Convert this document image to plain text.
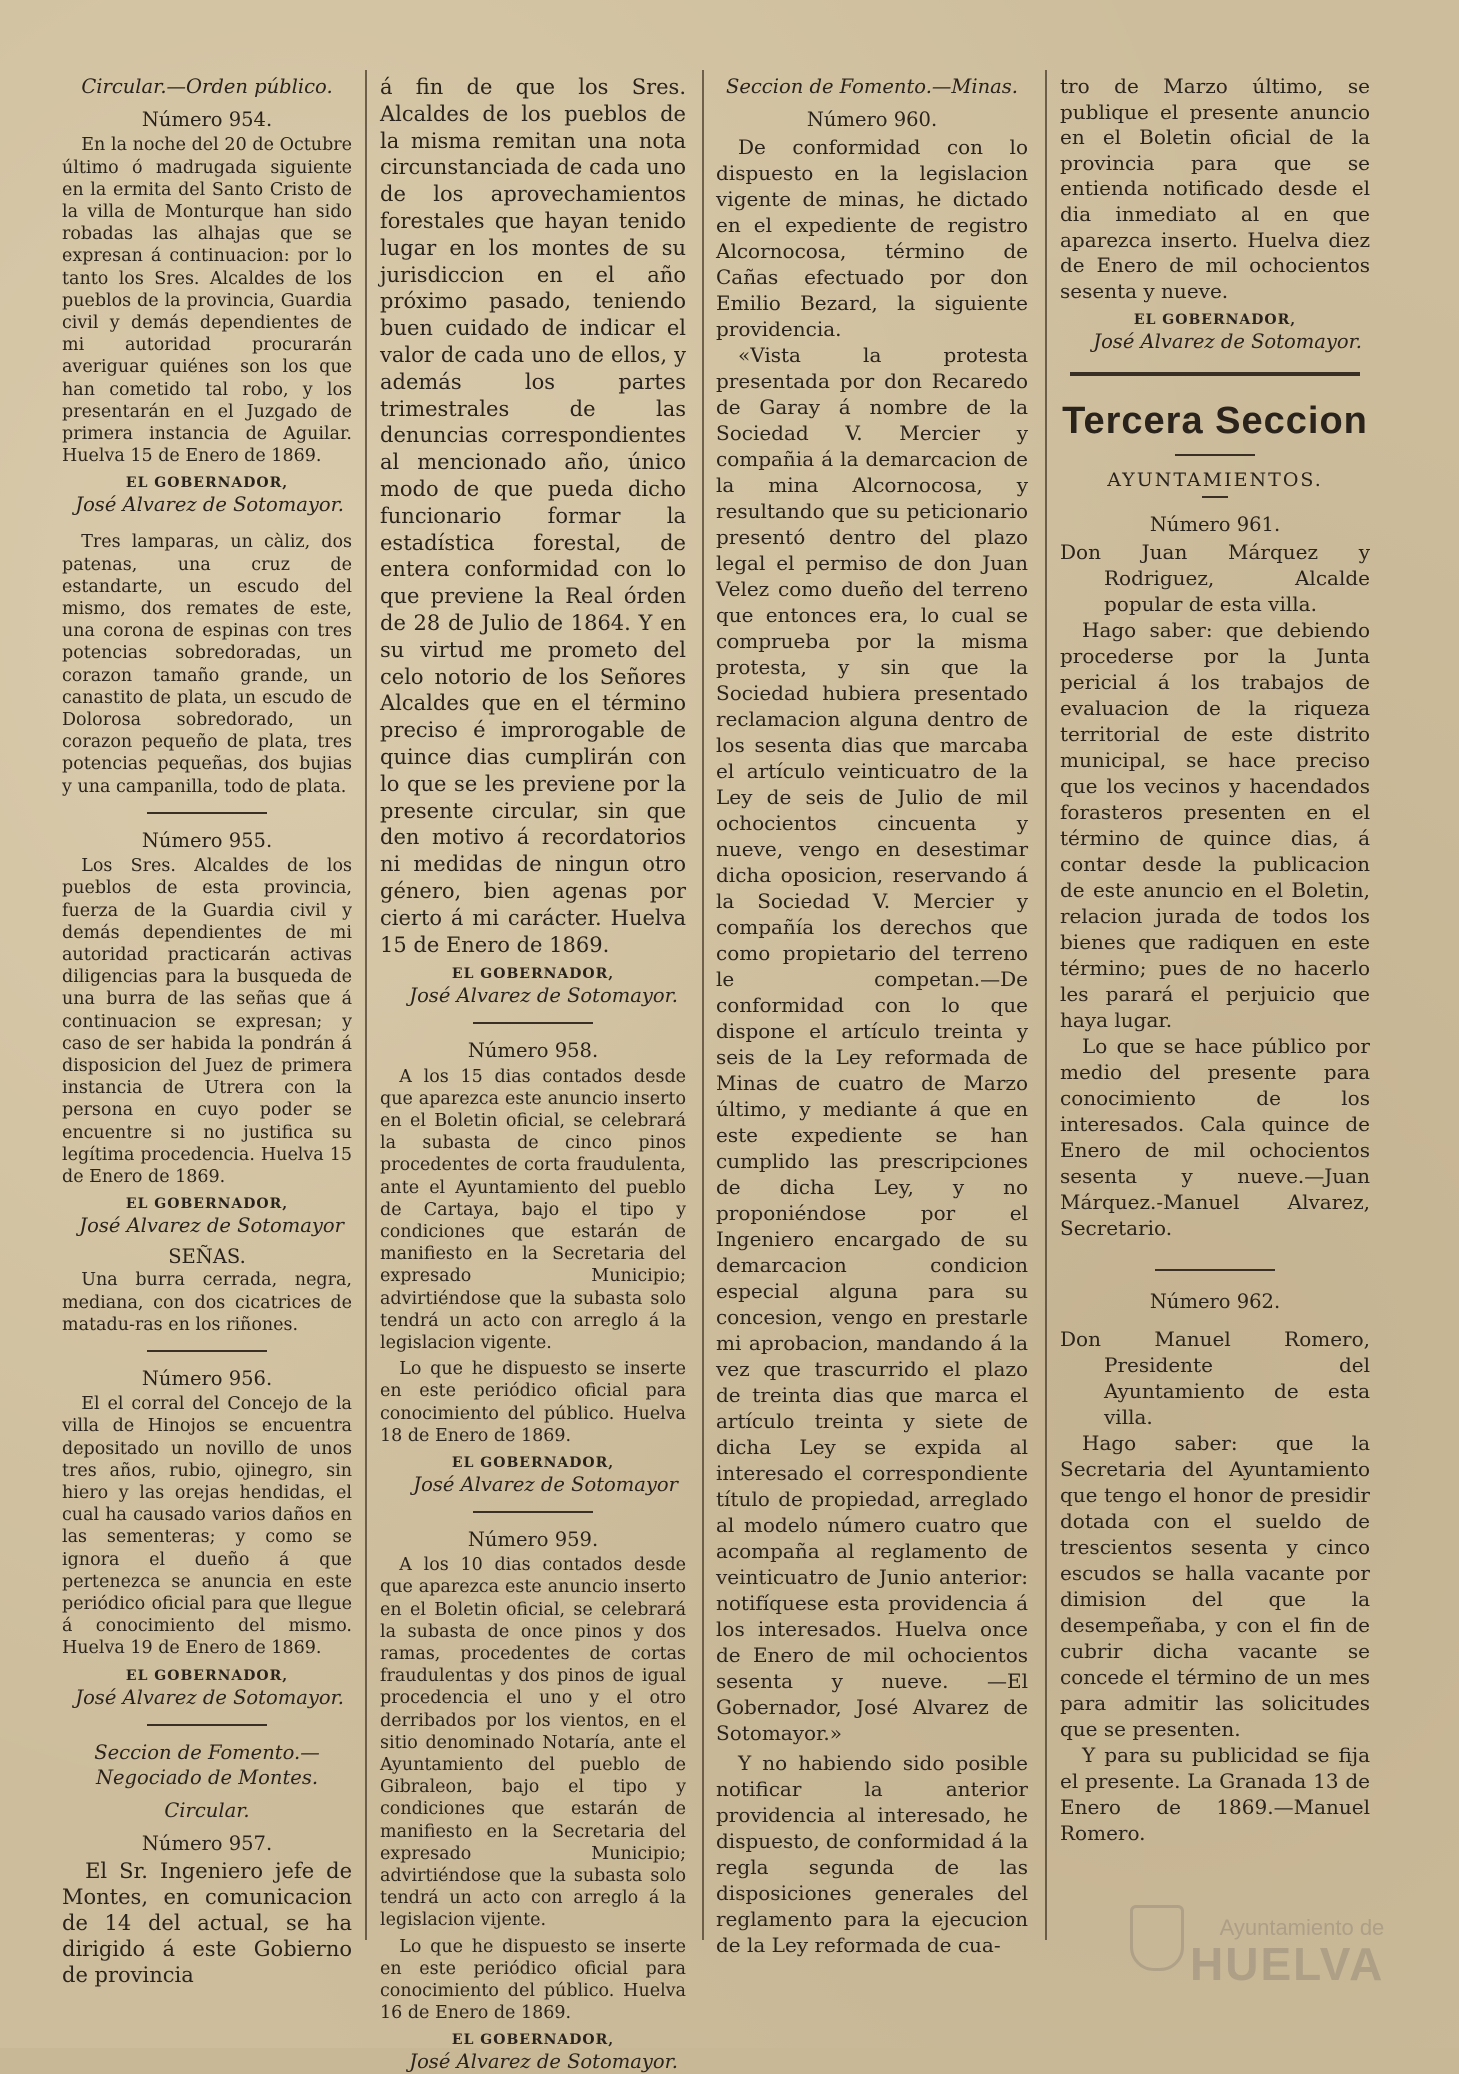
Circular.—Orden público.

Número 954.

En la noche del 20 de Octubre último ó madrugada siguiente en la ermita del Santo Cristo de la villa de Monturque han sido robadas las alhajas que se expresan á continuacion: por lo tanto los Sres. Alcaldes de los pueblos de la provincia, Guardia civil y demás dependientes de mi autoridad procurarán averiguar quiénes son los que han cometido tal robo, y los presentarán en el Juzgado de primera instancia de Aguilar. Huelva 15 de Enero de 1869.

EL GOBERNADOR,

José Alvarez de Sotomayor.

Tres lamparas, un càliz, dos patenas, una cruz de estandarte, un escudo del mismo, dos remates de este, una corona de espinas con tres potencias sobredoradas, un corazon tamaño grande, un canastito de plata, un escudo de Dolorosa sobredorado, un corazon pequeño de plata, tres potencias pequeñas, dos bujias y una campanilla, todo de plata.

Número 955.

Los Sres. Alcaldes de los pueblos de esta provincia, fuerza de la Guardia civil y demás dependientes de mi autoridad practicarán activas diligencias para la busqueda de una burra de las señas que á continuacion se expresan; y caso de ser habida la pondrán á disposicion del Juez de primera instancia de Utrera con la persona en cuyo poder se encuentre si no justifica su legítima procedencia. Huelva 15 de Enero de 1869.

EL GOBERNADOR,

José Alvarez de Sotomayor

SEÑAS.

Una burra cerrada, negra, mediana, con dos cicatrices de matadu-ras en los riñones.

Número 956.

El el corral del Concejo de la villa de Hinojos se encuentra depositado un novillo de unos tres años, rubio, ojinegro, sin hiero y las orejas hendidas, el cual ha causado varios daños en las sementeras; y como se ignora el dueño á que pertenezca se anuncia en este periódico oficial para que llegue á conocimiento del mismo. Huelva 19 de Enero de 1869.

EL GOBERNADOR,

José Alvarez de Sotomayor.

Seccion de Fomento.—Negociado de Montes.

Circular.

Número 957.

El Sr. Ingeniero jefe de Montes, en comunicacion de 14 del actual, se ha dirigido á este Gobierno de provincia

á fin de que los Sres. Alcaldes de los pueblos de la misma remitan una nota circunstanciada de cada uno de los aprovechamientos forestales que hayan tenido lugar en los montes de su jurisdiccion en el año próximo pasado, teniendo buen cuidado de indicar el valor de cada uno de ellos, y además los partes trimestrales de las denuncias correspondientes al mencionado año, único modo de que pueda dicho funcionario formar la estadística forestal, de entera conformidad con lo que previene la Real órden de 28 de Julio de 1864. Y en su virtud me prometo del celo notorio de los Señores Alcaldes que en el término preciso é improrogable de quince dias cumplirán con lo que se les previene por la presente circular, sin que den motivo á recordatorios ni medidas de ningun otro género, bien agenas por cierto á mi carácter. Huelva 15 de Enero de 1869.

EL GOBERNADOR,

José Alvarez de Sotomayor.

Número 958.

A los 15 dias contados desde que aparezca este anuncio inserto en el Boletin oficial, se celebrará la subasta de cinco pinos procedentes de corta fraudulenta, ante el Ayuntamiento del pueblo de Cartaya, bajo el tipo y condiciones que estarán de manifiesto en la Secretaria del expresado Municipio; advirtiéndose que la subasta solo tendrá un acto con arreglo á la legislacion vigente.

Lo que he dispuesto se inserte en este periódico oficial para conocimiento del público. Huelva 18 de Enero de 1869.

EL GOBERNADOR,

José Alvarez de Sotomayor

Número 959.

A los 10 dias contados desde que aparezca este anuncio inserto en el Boletin oficial, se celebrará la subasta de once pinos y dos ramas, procedentes de cortas fraudulentas y dos pinos de igual procedencia el uno y el otro derribados por los vientos, en el sitio denominado Notaría, ante el Ayuntamiento del pueblo de Gibraleon, bajo el tipo y condiciones que estarán de manifiesto en la Secretaria del expresado Municipio; advirtiéndose que la subasta solo tendrá un acto con arreglo á la legislacion vijente.

Lo que he dispuesto se inserte en este periódico oficial para conocimiento del público. Huelva 16 de Enero de 1869.

EL GOBERNADOR,

José Alvarez de Sotomayor.

Seccion de Fomento.—Minas.

Número 960.

De conformidad con lo dispuesto en la legislacion vigente de minas, he dictado en el expediente de registro Alcornocosa, término de Cañas efectuado por don Emilio Bezard, la siguiente providencia.

«Vista la protesta presentada por don Recaredo de Garay á nombre de la Sociedad V. Mercier y compañia á la demarcacion de la mina Alcornocosa, y resultando que su peticionario presentó dentro del plazo legal el permiso de don Juan Velez como dueño del terreno que entonces era, lo cual se comprueba por la misma protesta, y sin que la Sociedad hubiera presentado reclamacion alguna dentro de los sesenta dias que marcaba el artículo veinticuatro de la Ley de seis de Julio de mil ochocientos cincuenta y nueve, vengo en desestimar dicha oposicion, reservando á la Sociedad V. Mercier y compañía los derechos que como propietario del terreno le competan.—De conformidad con lo que dispone el artículo treinta y seis de la Ley reformada de Minas de cuatro de Marzo último, y mediante á que en este expediente se han cumplido las prescripciones de dicha Ley, y no proponiéndose por el Ingeniero encargado de su demarcacion condicion especial alguna para su concesion, vengo en prestarle mi aprobacion, mandando á la vez que trascurrido el plazo de treinta dias que marca el artículo treinta y siete de dicha Ley se expida al interesado el correspondiente título de propiedad, arreglado al modelo número cuatro que acompaña al reglamento de veinticuatro de Junio anterior: notifíquese esta providencia á los interesados. Huelva once de Enero de mil ochocientos sesenta y nueve. —El Gobernador, José Alvarez de Sotomayor.»

Y no habiendo sido posible notificar la anterior providencia al interesado, he dispuesto, de conformidad á la regla segunda de las disposiciones generales del reglamento para la ejecucion de la Ley reformada de cua-

tro de Marzo último, se publique el presente anuncio en el Boletin oficial de la provincia para que se entienda notificado desde el dia inmediato al en que aparezca inserto. Huelva diez de Enero de mil ochocientos sesenta y nueve.

EL GOBERNADOR,

José Alvarez de Sotomayor.

Tercera Seccion

AYUNTAMIENTOS.

Número 961.

Don Juan Márquez y Rodriguez, Alcalde popular de esta villa.

Hago saber: que debiendo procederse por la Junta pericial á los trabajos de evaluacion de la riqueza territorial de este distrito municipal, se hace preciso que los vecinos y hacendados forasteros presenten en el término de quince dias, á contar desde la publicacion de este anuncio en el Boletin, relacion jurada de todos los bienes que radiquen en este término; pues de no hacerlo les parará el perjuicio que haya lugar.

Lo que se hace público por medio del presente para conocimiento de los interesados. Cala quince de Enero de mil ochocientos sesenta y nueve.—Juan Márquez.-Manuel Alvarez, Secretario.

Número 962.

Don Manuel Romero, Presidente del Ayuntamiento de esta villa.

Hago saber: que la Secretaria del Ayuntamiento que tengo el honor de presidir dotada con el sueldo de trescientos sesenta y cinco escudos se halla vacante por dimision del que la desempeñaba, y con el fin de cubrir dicha vacante se concede el término de un mes para admitir las solicitudes que se presenten.

Y para su publicidad se fija el presente. La Granada 13 de Enero de 1869.—Manuel Romero.

Ayuntamiento de
HUELVA
